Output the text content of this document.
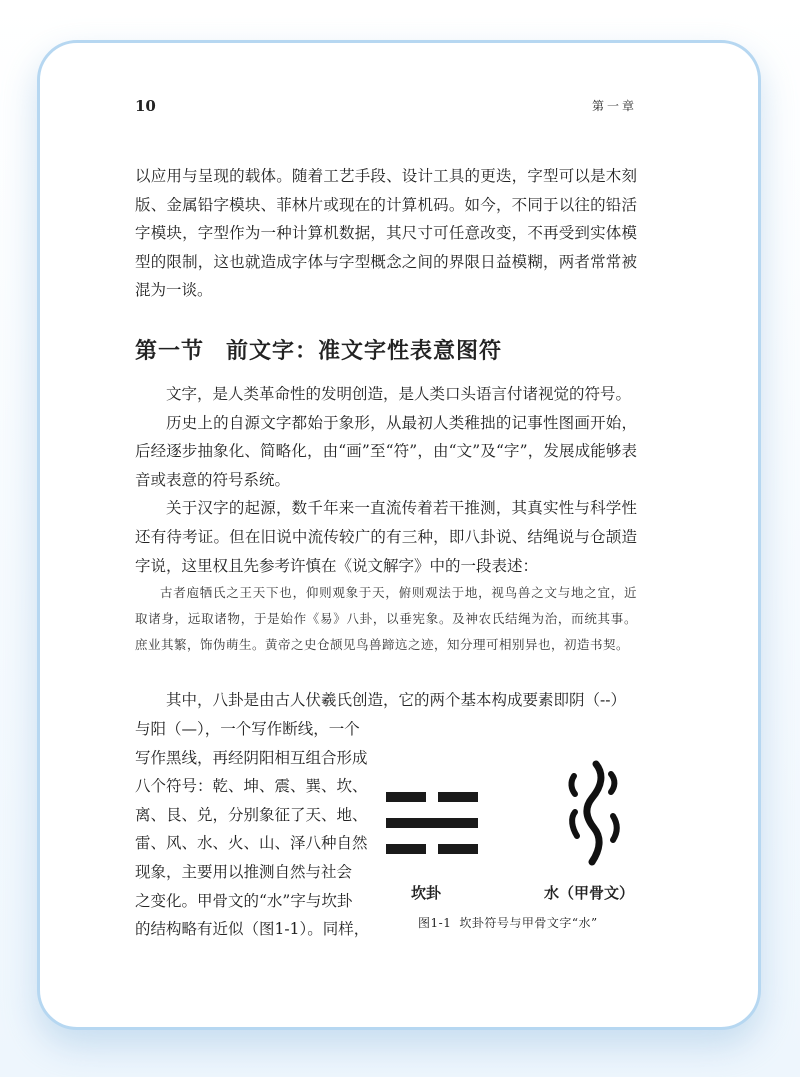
10	第一章

以应用与呈现的载体。随着工艺手段、设计工具的更迭，字型可以是木刻版、金属铅字模块、菲林片或现在的计算机码。如今，不同于以往的铅活字模块，字型作为一种计算机数据，其尺寸可任意改变，不再受到实体模型的限制，这也就造成字体与字型概念之间的界限日益模糊，两者常常被混为一谈。

第一节 前文字：准文字性表意图符

文字，是人类革命性的发明创造，是人类口头语言付诸视觉的符号。

历史上的自源文字都始于象形，从最初人类稚拙的记事性图画开始，后经逐步抽象化、简略化，由“画”至“符”，由“文”及“字”，发展成能够表音或表意的符号系统。

关于汉字的起源，数千年来一直流传着若干推测，其真实性与科学性还有待考证。但在旧说中流传较广的有三种，即八卦说、结绳说与仓颉造字说，这里权且先参考许慎在《说文解字》中的一段表述：

古者庖牺氏之王天下也，仰则观象于天，俯则观法于地，视鸟兽之文与地之宜，近取诸身，远取诸物，于是始作《易》八卦，以垂宪象。及神农氏结绳为治，而统其事。庶业其繁，饰伪萌生。黄帝之史仓颉见鸟兽蹄迒之迹，知分理可相别异也，初造书契。

其中，八卦是由古人伏羲氏创造，它的两个基本构成要素即阴（--）

与阳（—），一个写作断线，一个
写作黑线，再经阴阳相互组合形成
八个符号：乾、坤、震、巽、坎、
离、艮、兑，分别象征了天、地、
雷、风、水、火、山、泽八种自然
现象，主要用以推测自然与社会
之变化。甲骨文的“水”字与坎卦
的结构略有近似（图1-1）。同样，
坎卦	水（甲骨文）
图1-1 坎卦符号与甲骨文字“水”
